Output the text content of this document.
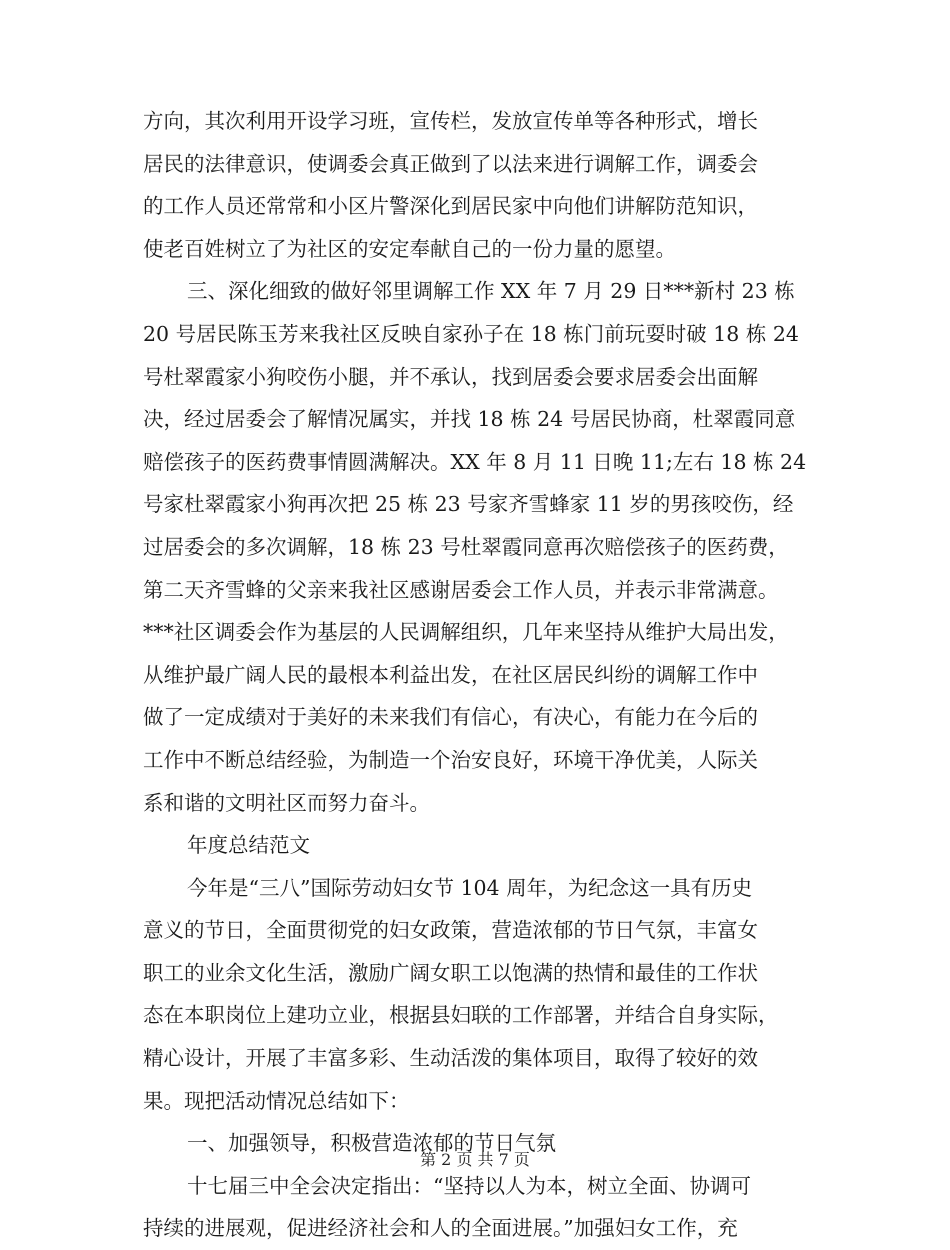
方向，其次利用开设学习班，宣传栏，发放宣传单等各种形式，增长
居民的法律意识，使调委会真正做到了以法来进行调解工作，调委会
的工作人员还常常和小区片警深化到居民家中向他们讲解防范知识，
使老百姓树立了为社区的安定奉献自己的一份力量的愿望。
三、深化细致的做好邻里调解工作 XX 年 7 月 29 日***新村 23 栋
20 号居民陈玉芳来我社区反映自家孙子在 18 栋门前玩耍时破 18 栋 24
号杜翠霞家小狗咬伤小腿，并不承认，找到居委会要求居委会出面解
决，经过居委会了解情况属实，并找 18 栋 24 号居民协商，杜翠霞同意
赔偿孩子的医药费事情圆满解决。XX 年 8 月 11 日晚 11;左右 18 栋 24
号家杜翠霞家小狗再次把 25 栋 23 号家齐雪蜂家 11 岁的男孩咬伤，经
过居委会的多次调解，18 栋 23 号杜翠霞同意再次赔偿孩子的医药费，
第二天齐雪蜂的父亲来我社区感谢居委会工作人员，并表示非常满意。
***社区调委会作为基层的人民调解组织，几年来坚持从维护大局出发，
从维护最广阔人民的最根本利益出发，在社区居民纠纷的调解工作中
做了一定成绩对于美好的未来我们有信心，有决心，有能力在今后的
工作中不断总结经验，为制造一个治安良好，环境干净优美，人际关
系和谐的文明社区而努力奋斗。
年度总结范文
今年是“三八”国际劳动妇女节 104 周年，为纪念这一具有历史
意义的节日，全面贯彻党的妇女政策，营造浓郁的节日气氛，丰富女
职工的业余文化生活，激励广阔女职工以饱满的热情和最佳的工作状
态在本职岗位上建功立业，根据县妇联的工作部署，并结合自身实际，
精心设计，开展了丰富多彩、生动活泼的集体项目，取得了较好的效
果。现把活动情况总结如下：
一、加强领导，积极营造浓郁的节日气氛
十七届三中全会决定指出：“坚持以人为本，树立全面、协调可
持续的进展观，促进经济社会和人的全面进展。”加强妇女工作，充
第 2 页 共 7 页
